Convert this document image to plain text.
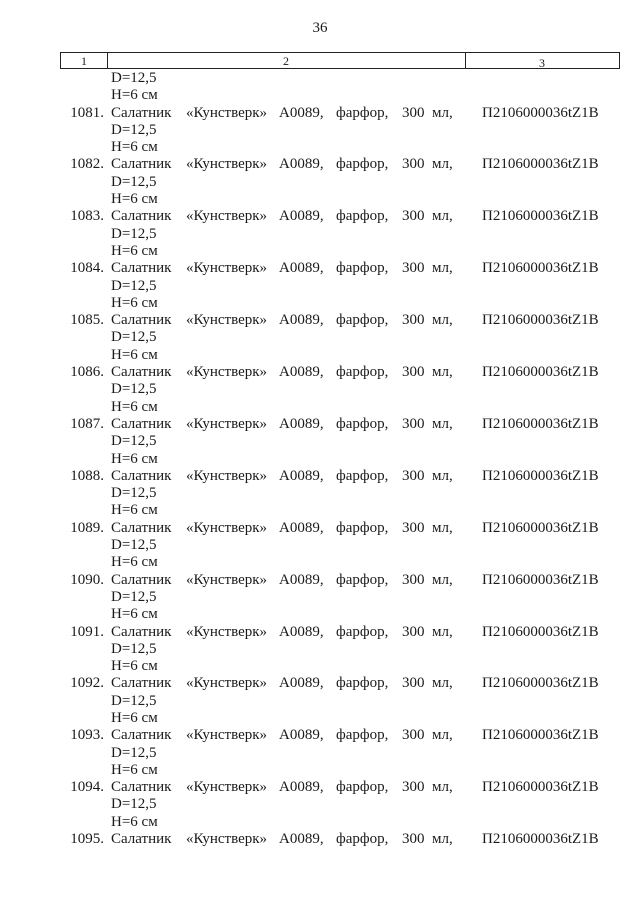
36
1	2	3
D=12,5
H=6 см
1081. Салатник «Кунстверк» A0089, фарфор, 300 мл, П2106000036tZ1B
D=12,5
H=6 см
1082. Салатник «Кунстверк» A0089, фарфор, 300 мл, П2106000036tZ1B
D=12,5
H=6 см
1083. Салатник «Кунстверк» A0089, фарфор, 300 мл, П2106000036tZ1B
D=12,5
H=6 см
1084. Салатник «Кунстверк» A0089, фарфор, 300 мл, П2106000036tZ1B
D=12,5
H=6 см
1085. Салатник «Кунстверк» A0089, фарфор, 300 мл, П2106000036tZ1B
D=12,5
H=6 см
1086. Салатник «Кунстверк» A0089, фарфор, 300 мл, П2106000036tZ1B
D=12,5
H=6 см
1087. Салатник «Кунстверк» A0089, фарфор, 300 мл, П2106000036tZ1B
D=12,5
H=6 см
1088. Салатник «Кунстверк» A0089, фарфор, 300 мл, П2106000036tZ1B
D=12,5
H=6 см
1089. Салатник «Кунстверк» A0089, фарфор, 300 мл, П2106000036tZ1B
D=12,5
H=6 см
1090. Салатник «Кунстверк» A0089, фарфор, 300 мл, П2106000036tZ1B
D=12,5
H=6 см
1091. Салатник «Кунстверк» A0089, фарфор, 300 мл, П2106000036tZ1B
D=12,5
H=6 см
1092. Салатник «Кунстверк» A0089, фарфор, 300 мл, П2106000036tZ1B
D=12,5
H=6 см
1093. Салатник «Кунстверк» A0089, фарфор, 300 мл, П2106000036tZ1B
D=12,5
H=6 см
1094. Салатник «Кунстверк» A0089, фарфор, 300 мл, П2106000036tZ1B
D=12,5
H=6 см
1095. Салатник «Кунстверк» A0089, фарфор, 300 мл, П2106000036tZ1B
